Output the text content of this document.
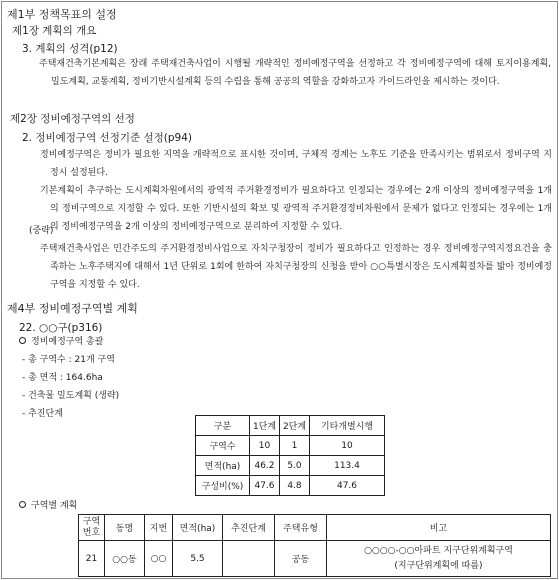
제1부 정책목표의 설정
제1장 계획의 개요
3. 계획의 성격(p12)
주택재건축기본계획은 장래 주택재건축사업이 시행될 개략적인 정비예정구역을 선정하고 각 정비예정구역에 대해 토지이용계획, 밀도계획, 교통계획, 정비기반시설계획 등의 수립을 통해 공공의 역할을 강화하고자 가이드라인을 제시하는 것이다.
제2장 정비예정구역의 선정
2. 정비예정구역 선정기준 설정(p94)
정비예정구역은 정비가 필요한 지역을 개략적으로 표시한 것이며, 구체적 경계는 노후도 기준을 만족시키는 범위로서 정비구역 지정시 설정된다.
기본계획이 추구하는 도시계획차원에서의 광역적 주거환경정비가 필요하다고 인정되는 경우에는 2개 이상의 정비예정구역을 1개의 정비구역으로 지정할 수 있다. 또한 기반시설의 확보 및 광역적 주거환경정비차원에서 문제가 없다고 인정되는 경우에는 1개의 정비예정구역을 2개 이상의 정비예정구역으로 분리하여 지정할 수 있다.
(중략)
주택재건축사업은 민간주도의 주거환경정비사업으로 자치구청장이 정비가 필요하다고 인정하는 경우 정비예정구역지정요건을 충족하는 노후주택지에 대해서 1년 단위로 1회에 한하여 자치구청장의 신청을 받아 ○○특별시장은 도시계획절차를 밟아 정비예정구역을 지정할 수 있다.
제4부 정비예정구역별 계획
22. ○○구(p316)
정비예정구역 총괄
- 총 구역수 : 21개 구역
- 총 면적 : 164.6ha
- 건축물 밀도계획 (생략)
- 추진단계
구분	1단계	2단계	기타개별시행
구역수	10	1	10
면적(ha)	46.2	5.0	113.4
구성비(%)	47.6	4.8	47.6
구역별 계획
구역
번호	동명	지번	면적(ha)	추진단계	주택유형	비고
21	○○동	○○	5.5		공동	○○○○-○○아파트 지구단위계획구역
(지구단위계획에 따름)
